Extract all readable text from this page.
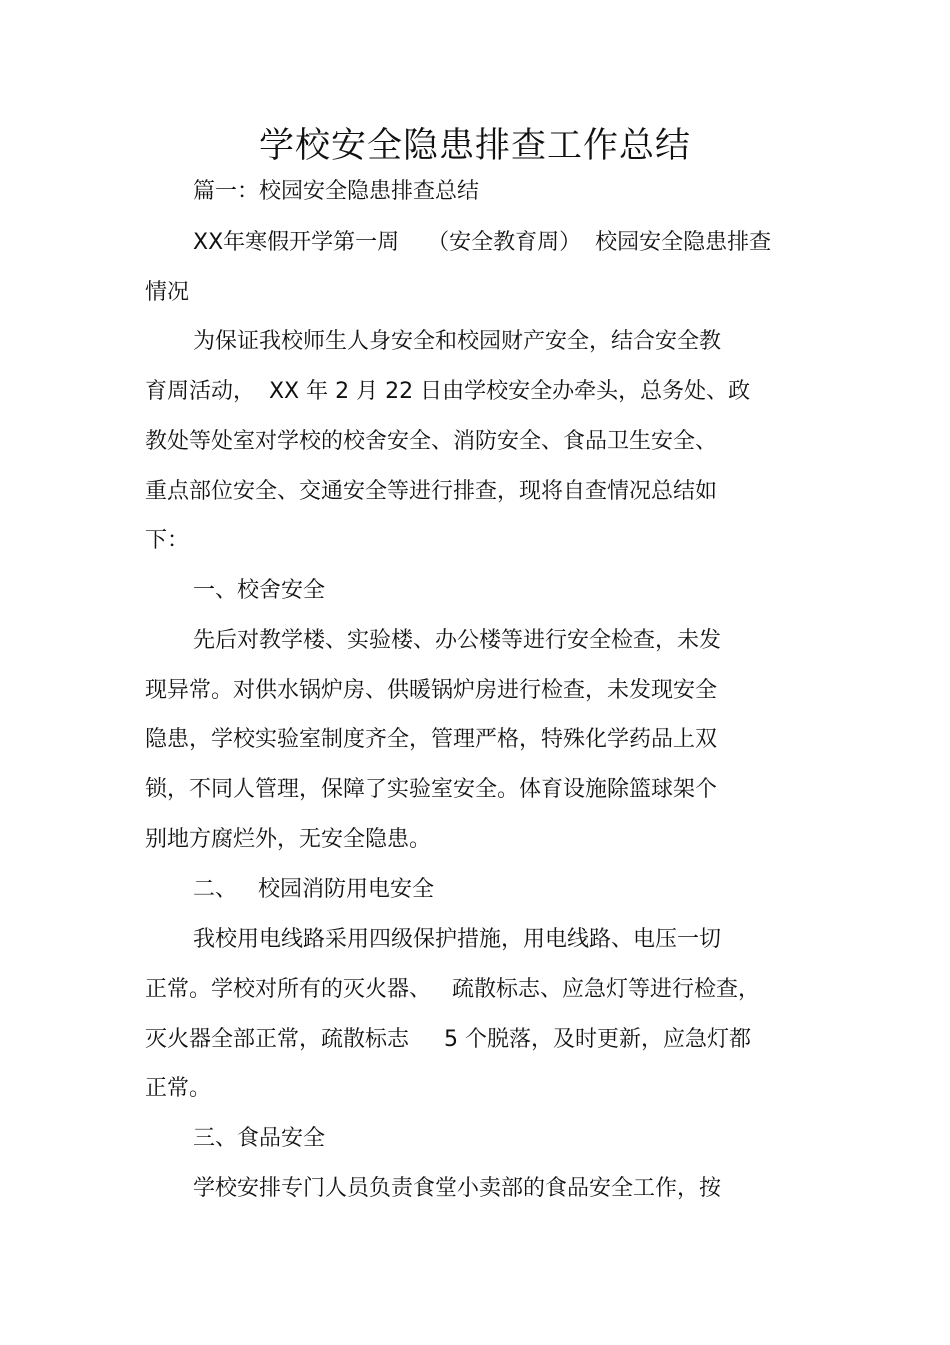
学校安全隐患排查工作总结
篇一：校园安全隐患排查总结
XX年寒假开学第一周    （安全教育周）  校园安全隐患排查
情况
为保证我校师生人身安全和校园财产安全，结合安全教
育周活动，  XX 年 2 月 22 日由学校安全办牵头，总务处、政
教处等处室对学校的校舍安全、消防安全、食品卫生安全、
重点部位安全、交通安全等进行排查，现将自查情况总结如
下：
一、校舍安全
先后对教学楼、实验楼、办公楼等进行安全检查，未发
现异常。对供水锅炉房、供暖锅炉房进行检查，未发现安全
隐患，学校实验室制度齐全，管理严格，特殊化学药品上双
锁，不同人管理，保障了实验室安全。体育设施除篮球架个
别地方腐烂外，无安全隐患。
二、   校园消防用电安全
我校用电线路采用四级保护措施，用电线路、电压一切
正常。学校对所有的灭火器、   疏散标志、应急灯等进行检查，
灭火器全部正常，疏散标志     5 个脱落，及时更新，应急灯都
正常。
三、食品安全
学校安排专门人员负责食堂小卖部的食品安全工作，按
